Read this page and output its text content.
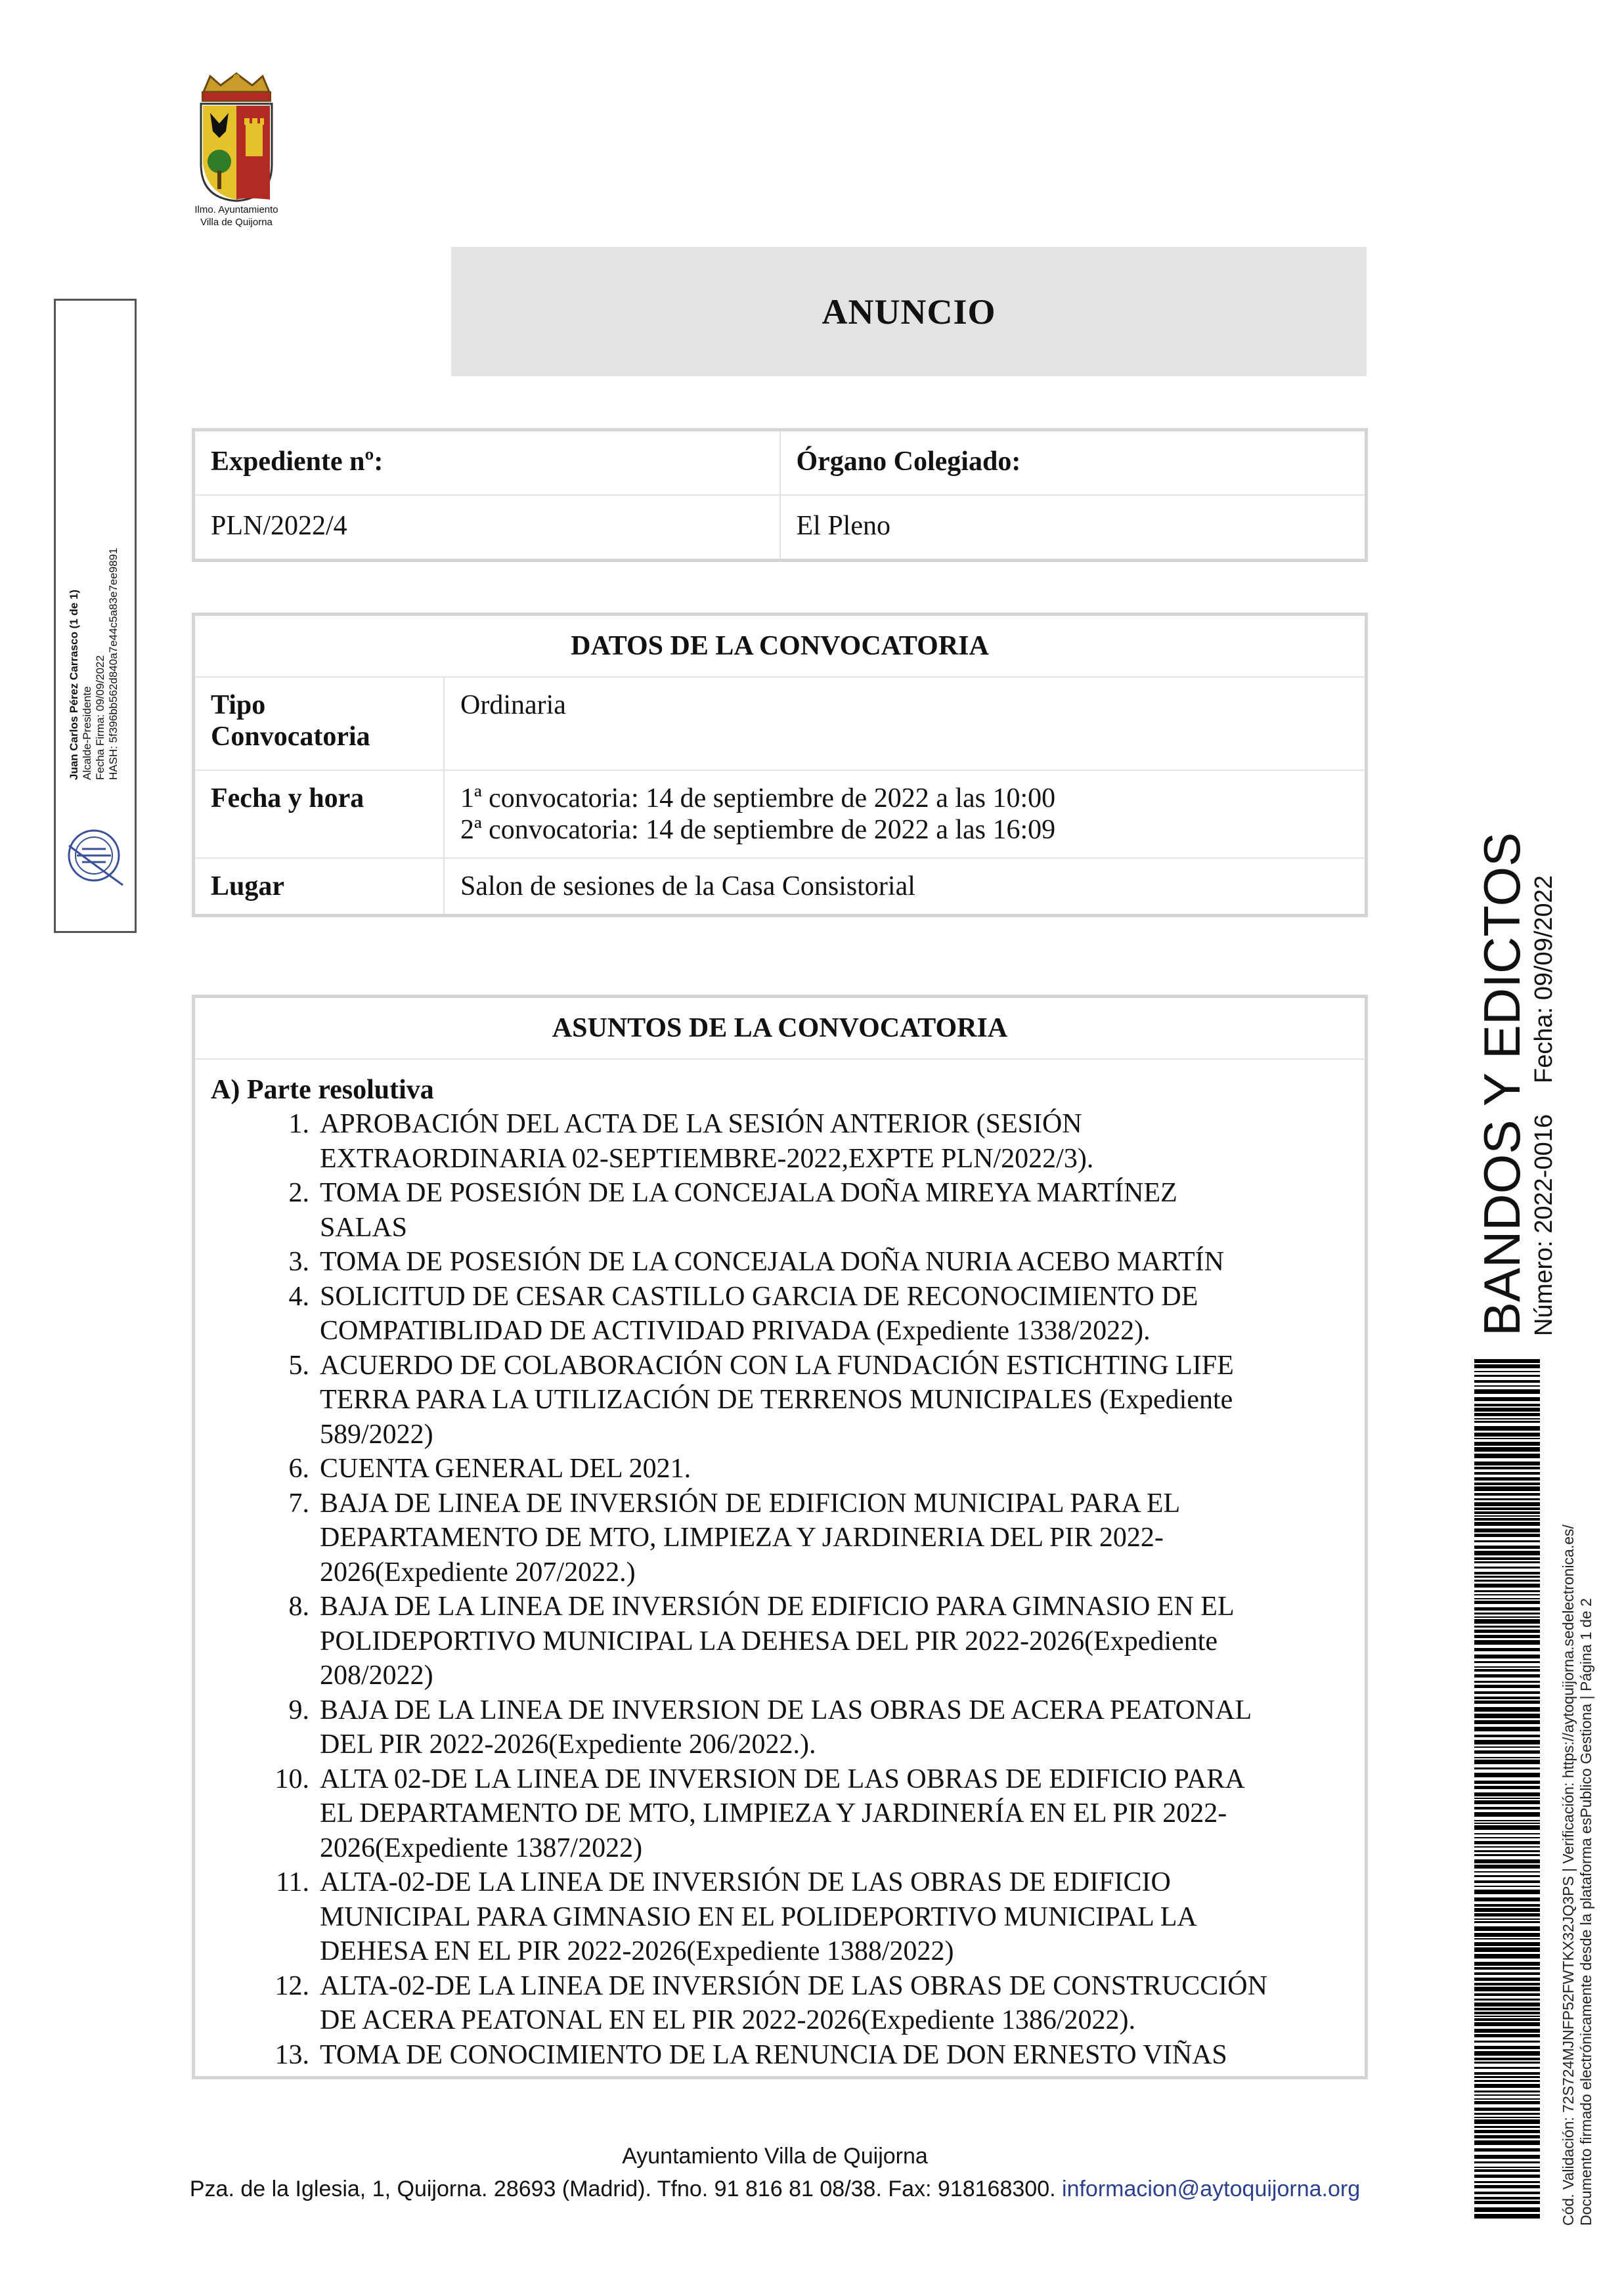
Ilmo. Ayuntamiento
Villa de Quijorna
ANUNCIO
Expediente nº:	Órgano Colegiado:
PLN/2022/4	El Pleno
DATOS DE LA CONVOCATORIA	

Tipo
Convocatoria	Ordinaria
Fecha y hora	1ª convocatoria: 14 de septiembre de 2022 a las 10:00
2ª convocatoria: 14 de septiembre de 2022 a las 16:09

Lugar	Salon de sesiones de la Casa Consistorial
ASUNTOS DE LA CONVOCATORIA

A) Parte resolutiva
1. APROBACIÓN DEL ACTA DE LA SESIÓN ANTERIOR (SESIÓN
EXTRAORDINARIA 02-SEPTIEMBRE-2022,EXPTE PLN/2022/3).
2. TOMA DE POSESIÓN DE LA CONCEJALA DOÑA MIREYA MARTÍNEZ
SALAS
3. TOMA DE POSESIÓN DE LA CONCEJALA DOÑA NURIA ACEBO MARTÍN
4. SOLICITUD DE CESAR CASTILLO GARCIA DE RECONOCIMIENTO DE
COMPATIBLIDAD DE ACTIVIDAD PRIVADA (Expediente 1338/2022).
5. ACUERDO DE COLABORACIÓN CON LA FUNDACIÓN ESTICHTING LIFE
TERRA PARA LA UTILIZACIÓN DE TERRENOS MUNICIPALES (Expediente
589/2022)
6. CUENTA GENERAL DEL 2021.
7. BAJA DE LINEA DE INVERSIÓN DE EDIFICION MUNICIPAL PARA EL
DEPARTAMENTO DE MTO, LIMPIEZA Y JARDINERIA DEL PIR 2022-
2026(Expediente 207/2022.)
8. BAJA DE LA LINEA DE INVERSIÓN DE EDIFICIO PARA GIMNASIO EN EL
POLIDEPORTIVO MUNICIPAL LA DEHESA DEL PIR 2022-2026(Expediente
208/2022)
9. BAJA DE LA LINEA DE INVERSION DE LAS OBRAS DE ACERA PEATONAL
DEL PIR 2022-2026(Expediente 206/2022.).
10. ALTA 02-DE LA LINEA DE INVERSION DE LAS OBRAS DE EDIFICIO PARA
EL DEPARTAMENTO DE MTO, LIMPIEZA Y JARDINERÍA EN EL PIR 2022-
2026(Expediente 1387/2022)
11. ALTA-02-DE LA LINEA DE INVERSIÓN DE LAS OBRAS DE EDIFICIO
MUNICIPAL PARA GIMNASIO EN EL POLIDEPORTIVO MUNICIPAL LA
DEHESA EN EL PIR 2022-2026(Expediente 1388/2022)
12. ALTA-02-DE LA LINEA DE INVERSIÓN DE LAS OBRAS DE CONSTRUCCIÓN
DE ACERA PEATONAL EN EL PIR 2022-2026(Expediente 1386/2022).
13. TOMA DE CONOCIMIENTO DE LA RENUNCIA DE DON ERNESTO VIÑAS
Ayuntamiento Villa de Quijorna
Pza. de la Iglesia, 1, Quijorna. 28693 (Madrid). Tfno. 91 816 81 08/38. Fax: 918168300. informacion@aytoquijorna.org
Juan Carlos Pérez Carrasco (1 de 1) Alcalde-Presidente Fecha Firma: 09/09/2022 HASH: 5f396bb562d840a7e44c5a83e7ee9891
BANDOS Y EDICTOS Número: 2022-0016
Fecha: 09/09/2022
Cód. Validación: 72S724MJNFP52FWTKX32JQ3PS | Verificación: https://aytoquijorna.sedelectronica.es/ Documento firmado electrónicamente desde la plataforma esPublico Gestiona | Página 1 de 2
